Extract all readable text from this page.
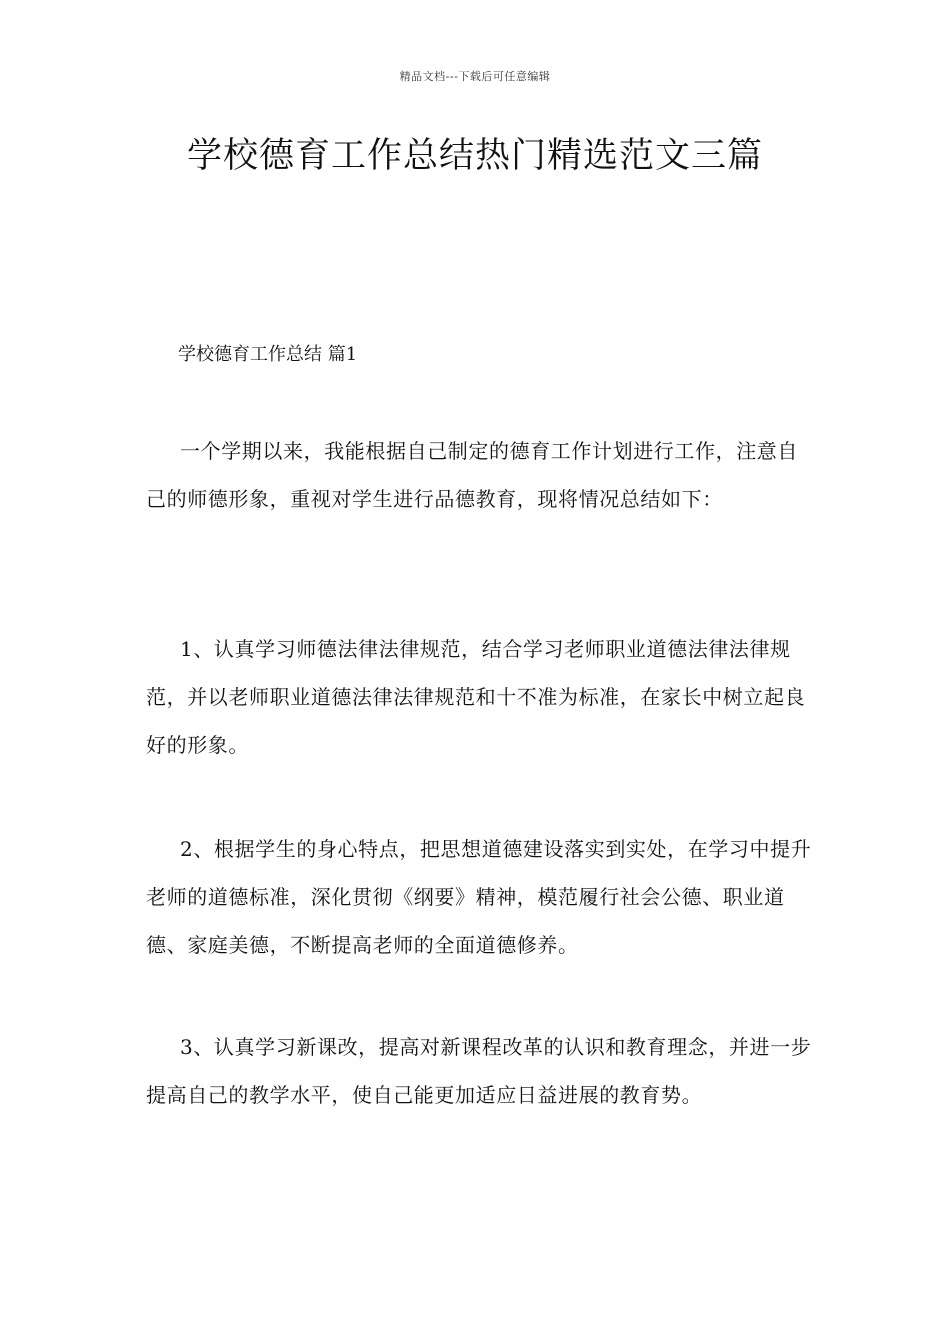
精品文档---下载后可任意编辑
学校德育工作总结热门精选范文三篇
学校德育工作总结 篇1

一个学期以来，我能根据自己制定的德育工作计划进行工作，注意自己的师德形象，重视对学生进行品德教育，现将情况总结如下：

1、认真学习师德法律法律规范，结合学习老师职业道德法律法律规范，并以老师职业道德法律法律规范和十不准为标准，在家长中树立起良好的形象。

2、根据学生的身心特点，把思想道德建设落实到实处，在学习中提升老师的道德标准，深化贯彻《纲要》精神，模范履行社会公德、职业道德、家庭美德，不断提高老师的全面道德修养。

3、认真学习新课改，提高对新课程改革的认识和教育理念，并进一步提高自己的教学水平，使自己能更加适应日益进展的教育势。
